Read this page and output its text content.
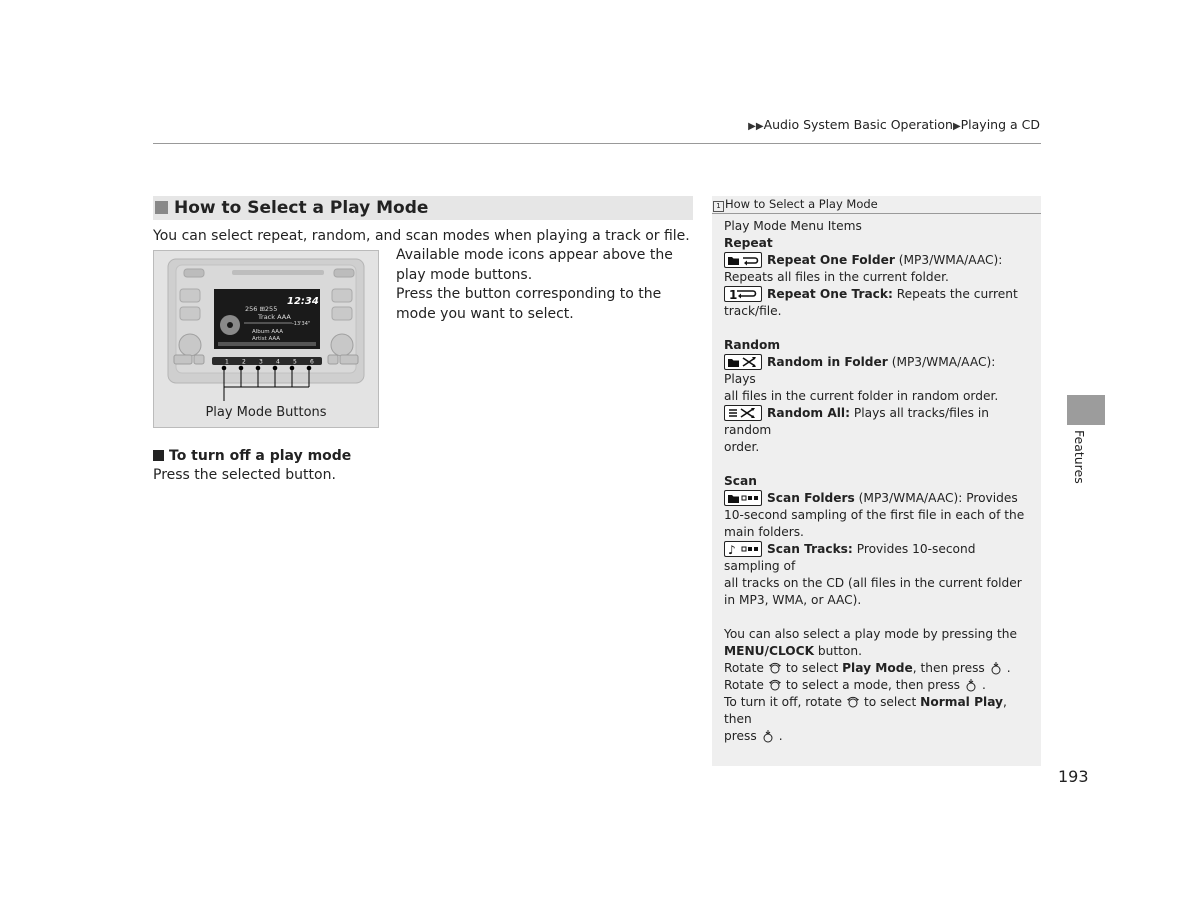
▶▶Audio System Basic Operation▶Playing a CD
How to Select a Play Mode
You can select repeat, random, and scan modes when playing a track or file.
256 ⊞255
Track AAA
12:34
-13'34"
Album AAA
Artist AAA
1 2 3 4 5 6
Play Mode Buttons
Available mode icons appear above the play mode buttons.
Press the button corresponding to the mode you want to select.
To turn off a play mode
Press the selected button.
1 How to Select a Play Mode
Play Mode Menu Items
Repeat
Repeat One Folder (MP3/WMA/AAC):
Repeats all files in the current folder.
1 Repeat One Track: Repeats the current
track/file.
Random
Random in Folder (MP3/WMA/AAC): Plays
all files in the current folder in random order.
Random All: Plays all tracks/files in random
order.
Scan
Scan Folders (MP3/WMA/AAC): Provides
10-second sampling of the first file in each of the main folders.
♪	Scan Tracks: Provides 10-second sampling of
all tracks on the CD (all files in the current folder in MP3, WMA, or AAC).
You can also select a play mode by pressing the
MENU/CLOCK button.
Rotate to select Play Mode, then press .
Rotate to select a mode, then press .
To turn it off, rotate to select Normal Play, then
press .
Features
193
